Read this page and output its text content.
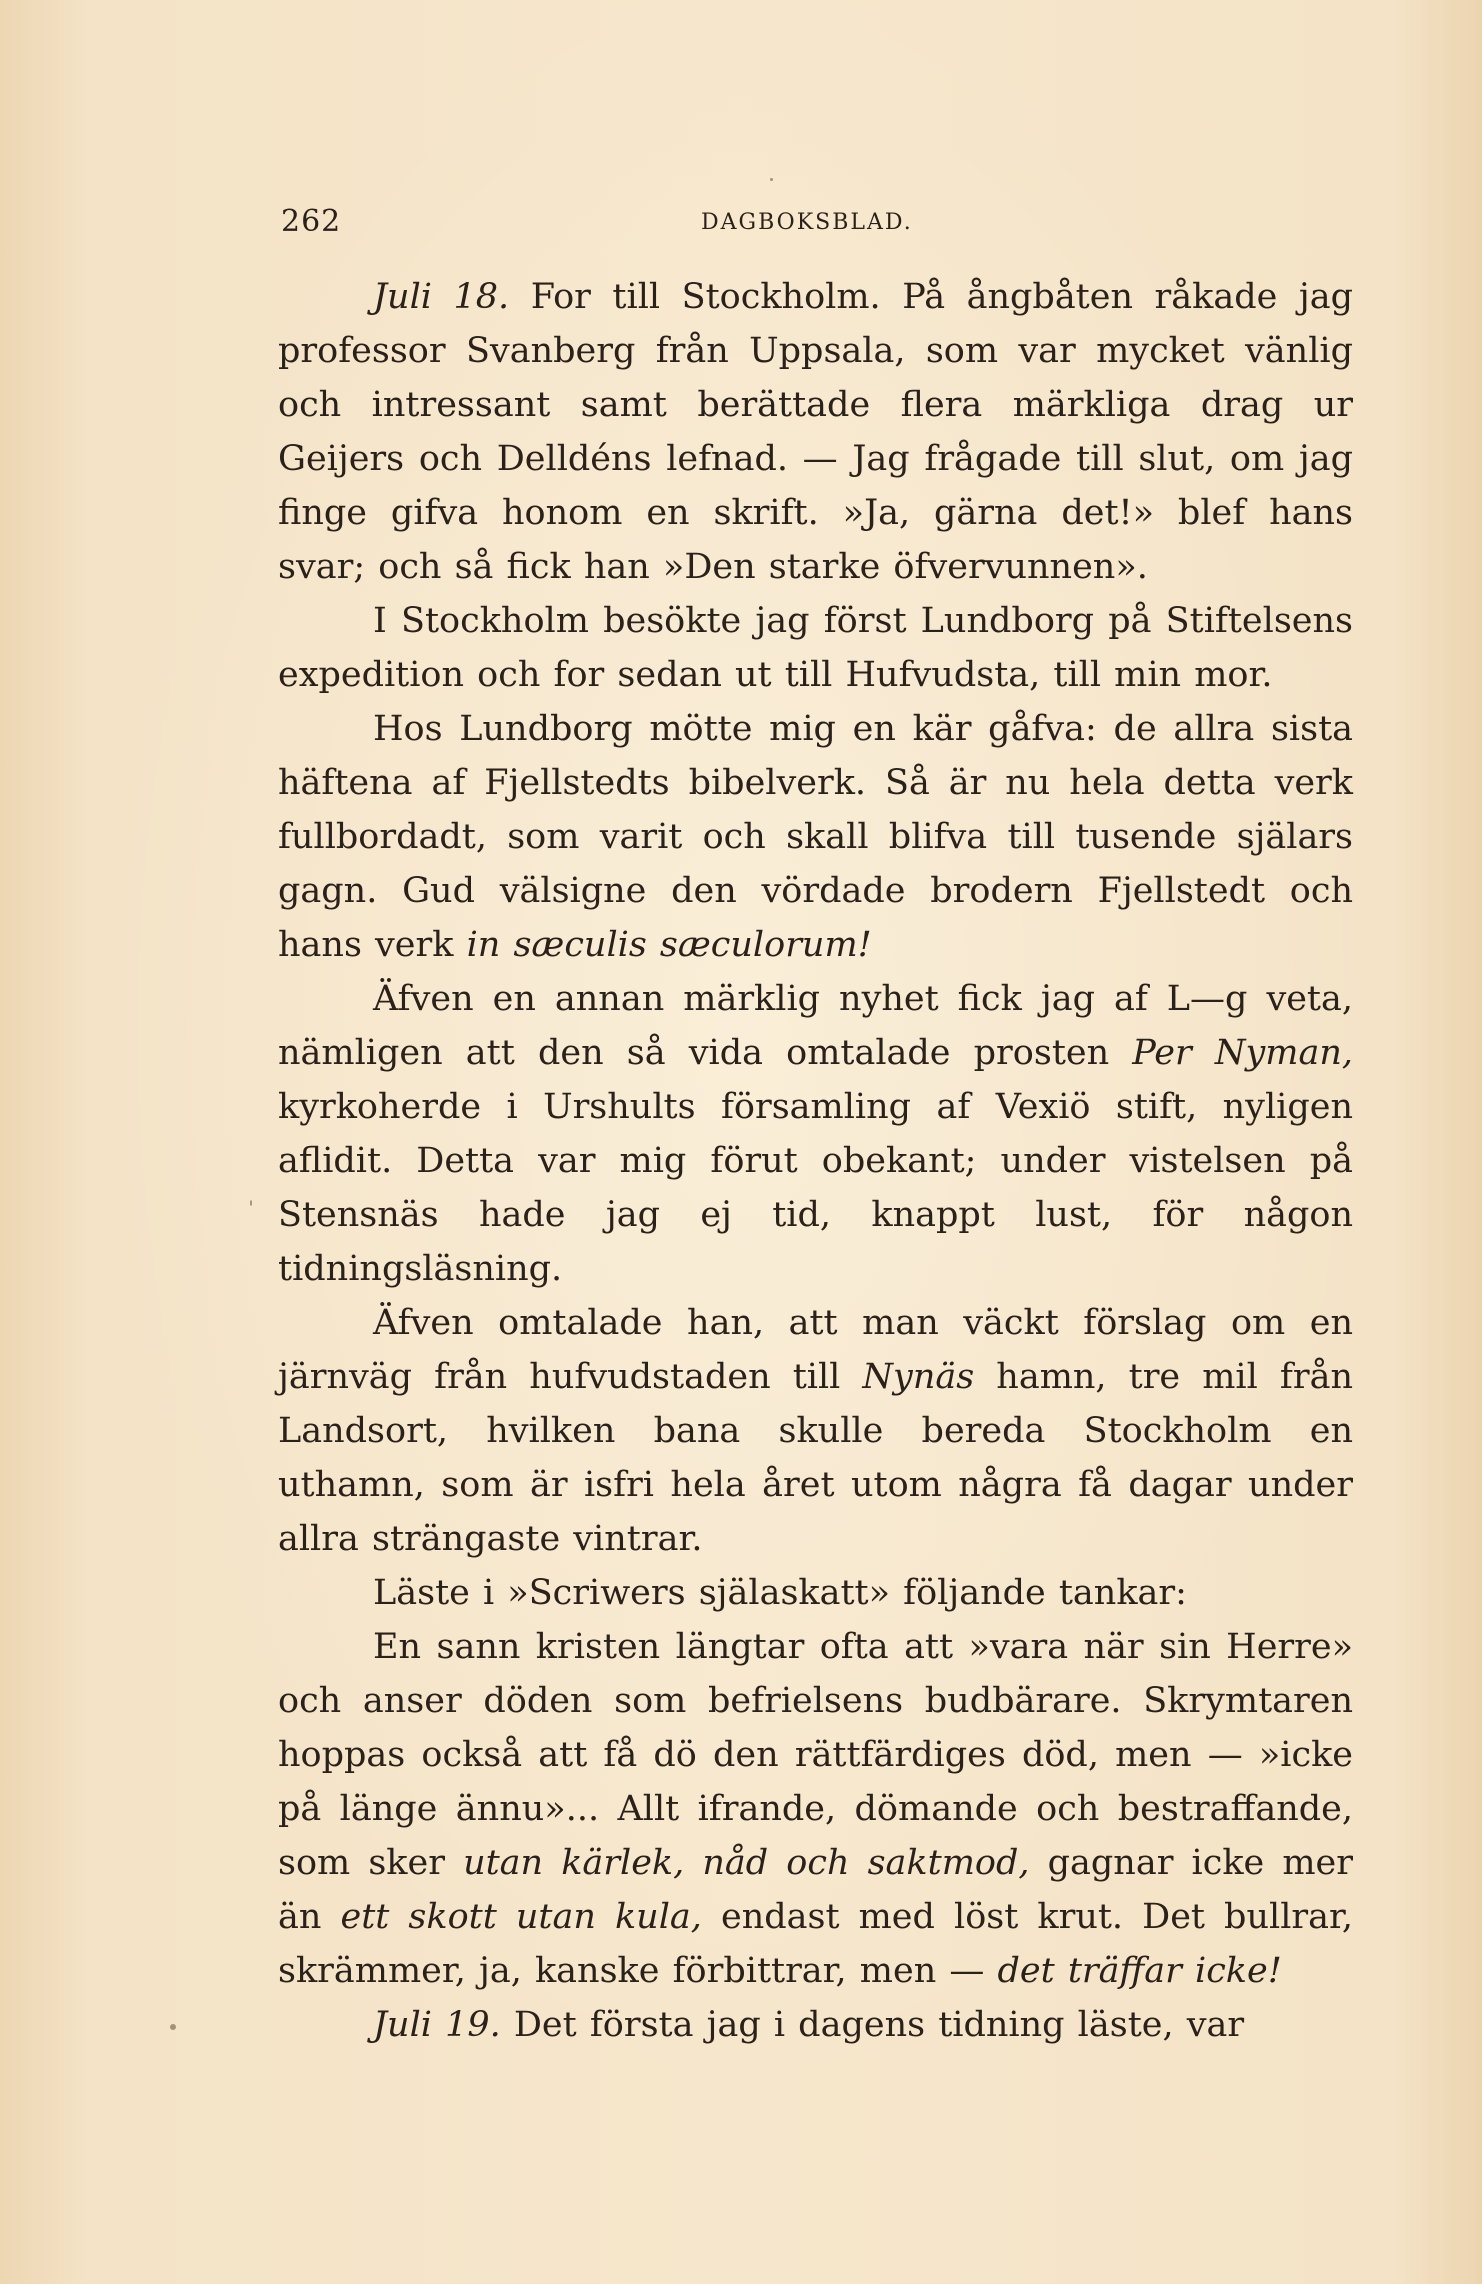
262	DAGBOKSBLAD.

Juli 18. For till Stockholm. På ångbåten råkade jag professor Svanberg från Uppsala, som var mycket vänlig och intressant samt berättade flera märkliga drag ur Geijers och Delldéns lefnad. — Jag frågade till slut, om jag finge gifva honom en skrift. »Ja, gärna det!» blef hans svar; och så fick han »Den starke öfvervunnen».

I Stockholm besökte jag först Lundborg på Stiftelsens expedition och for sedan ut till Hufvudsta, till min mor.

Hos Lundborg mötte mig en kär gåfva: de allra sista häftena af Fjellstedts bibelverk. Så är nu hela detta verk fullbordadt, som varit och skall blifva till tusende själars gagn. Gud välsigne den vördade brodern Fjellstedt och hans verk in sæculis sæculorum!

Äfven en annan märklig nyhet fick jag af L—g veta, nämligen att den så vida omtalade prosten Per Nyman, kyrkoherde i Urshults församling af Vexiö stift, nyligen aflidit. Detta var mig förut obekant; under vistelsen på Stensnäs hade jag ej tid, knappt lust, för någon tidningsläsning.

Äfven omtalade han, att man väckt förslag om en järnväg från hufvudstaden till Nynäs hamn, tre mil från Landsort, hvilken bana skulle bereda Stockholm en uthamn, som är isfri hela året utom några få dagar under allra strängaste vintrar.

Läste i »Scriwers själaskatt» följande tankar:

En sann kristen längtar ofta att »vara när sin Herre» och anser döden som befrielsens budbärare. Skrymtaren hoppas också att få dö den rättfärdiges död, men — »icke på länge ännu»... Allt ifrande, dömande och bestraffande, som sker utan kärlek, nåd och saktmod, gagnar icke mer än ett skott utan kula, endast med löst krut. Det bullrar, skrämmer, ja, kanske förbittrar, men — det träffar icke!

Juli 19. Det första jag i dagens tidning läste, var
